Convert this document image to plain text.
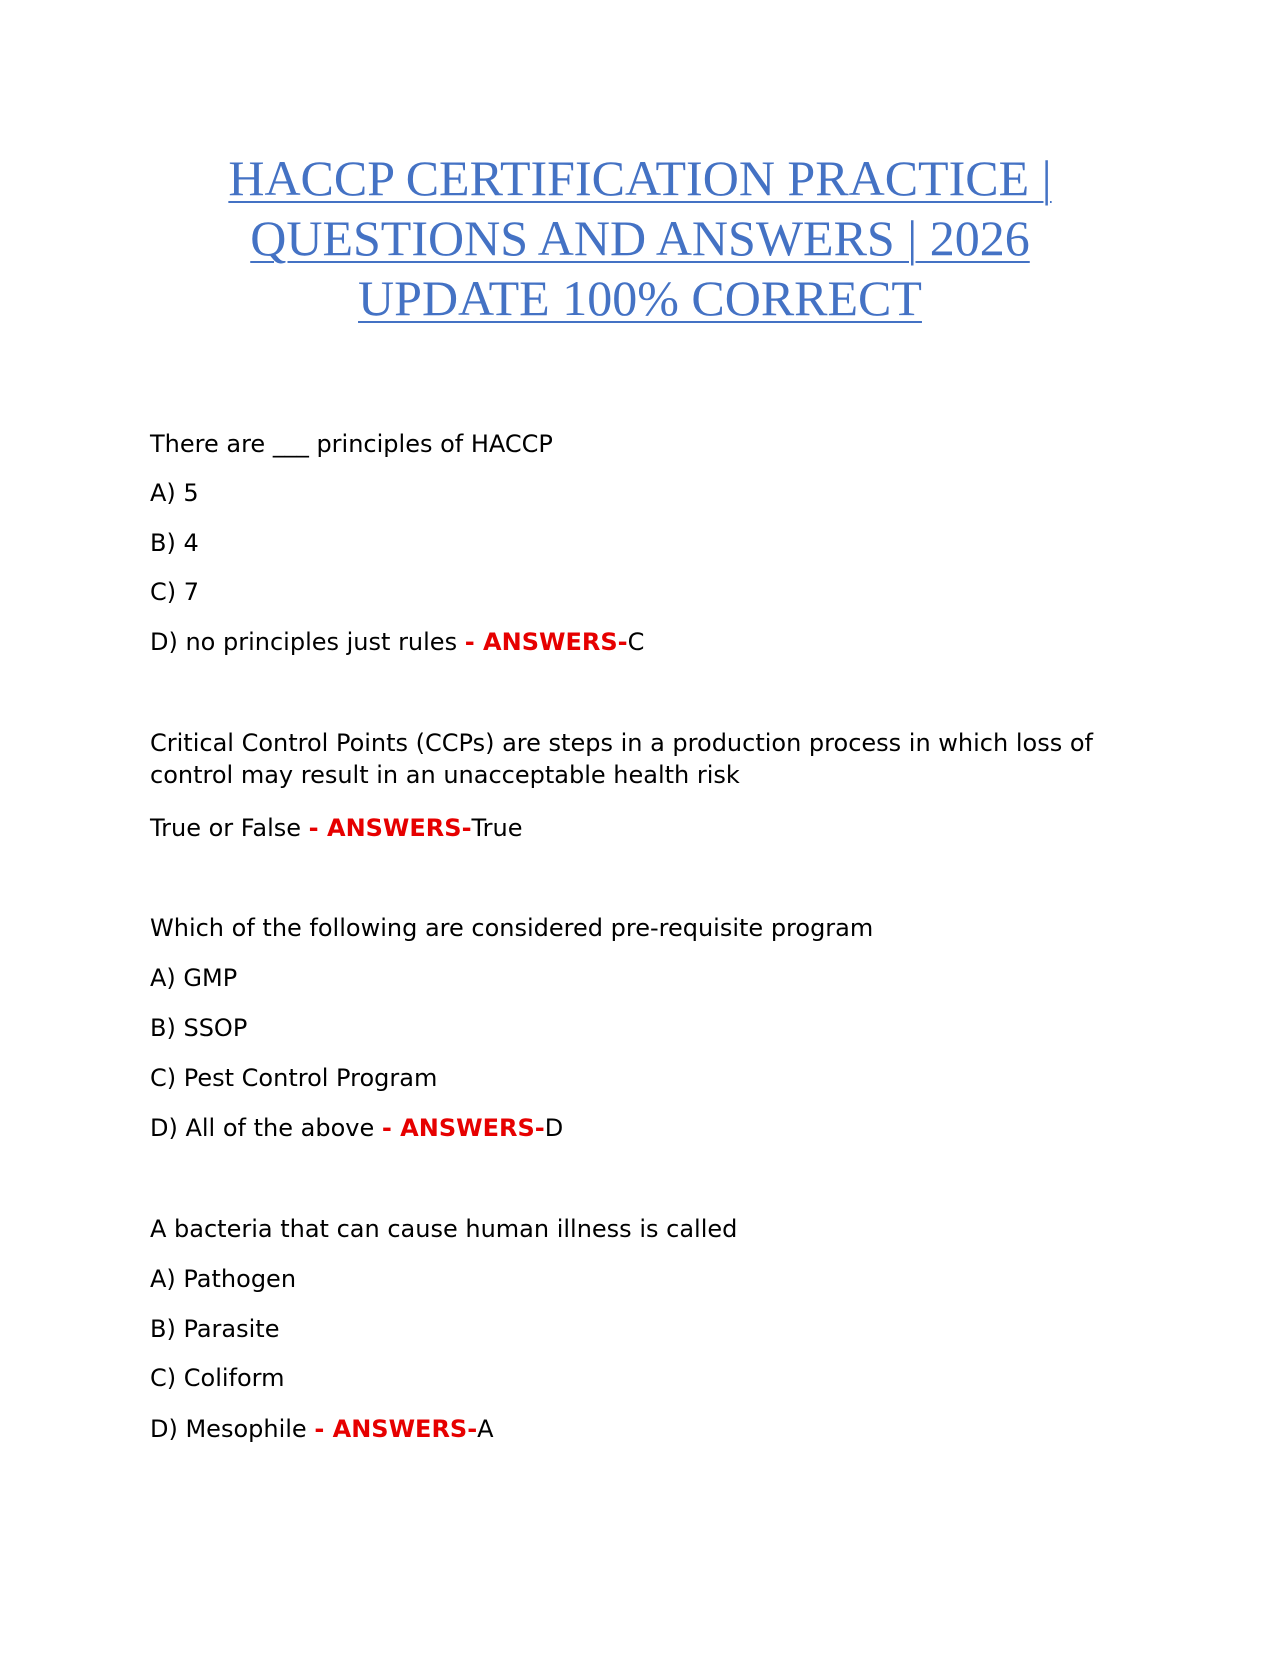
HACCP CERTIFICATION PRACTICE |
QUESTIONS AND ANSWERS | 2026
UPDATE 100% CORRECT
There are ___ principles of HACCP
A) 5
B) 4
C) 7
D) no principles just rules - ANSWERS-C
Critical Control Points (CCPs) are steps in a production process in which loss of control may result in an unacceptable health risk
True or False - ANSWERS-True
Which of the following are considered pre-requisite program
A) GMP
B) SSOP
C) Pest Control Program
D) All of the above - ANSWERS-D
A bacteria that can cause human illness is called
A) Pathogen
B) Parasite
C) Coliform
D) Mesophile - ANSWERS-A
